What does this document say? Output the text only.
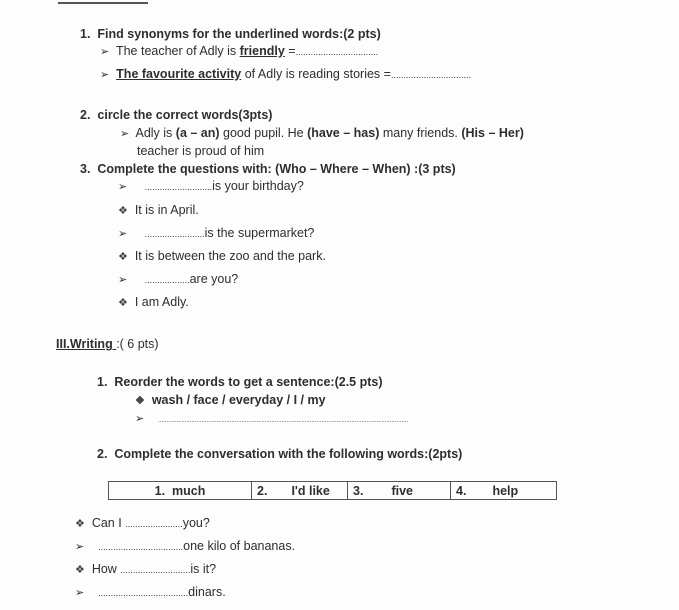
1. Find synonyms for the underlined words:(2 pts)
➢ The teacher of Adly is friendly =.................................
➢ The favourite activity of Adly is reading stories =................................
2. circle the correct words(3pts)
➢ Adly is (a – an) good pupil. He (have – has) many friends. (His – Her)
teacher is proud of him
3. Complete the questions with: (Who – Where – When) :(3 pts)
➢ ...........................is your birthday?
❖ It is in April.
➢ ........................is the supermarket?
❖ It is between the zoo and the park.
➢ ..................are you?
❖ I am Adly.
III.Writing :( 6 pts)
1. Reorder the words to get a sentence:(2.5 pts)
❖ wash / face / everyday / I / my
➢ ......................................................................................................................................................
2. Complete the conversation with the following words:(2pts)
1.
much	2. I'd like 3. five	4. help
❖ Can I .......................you?
➢ ..................................one kilo of bananas.
❖ How ............................is it?
➢ ....................................dinars.
